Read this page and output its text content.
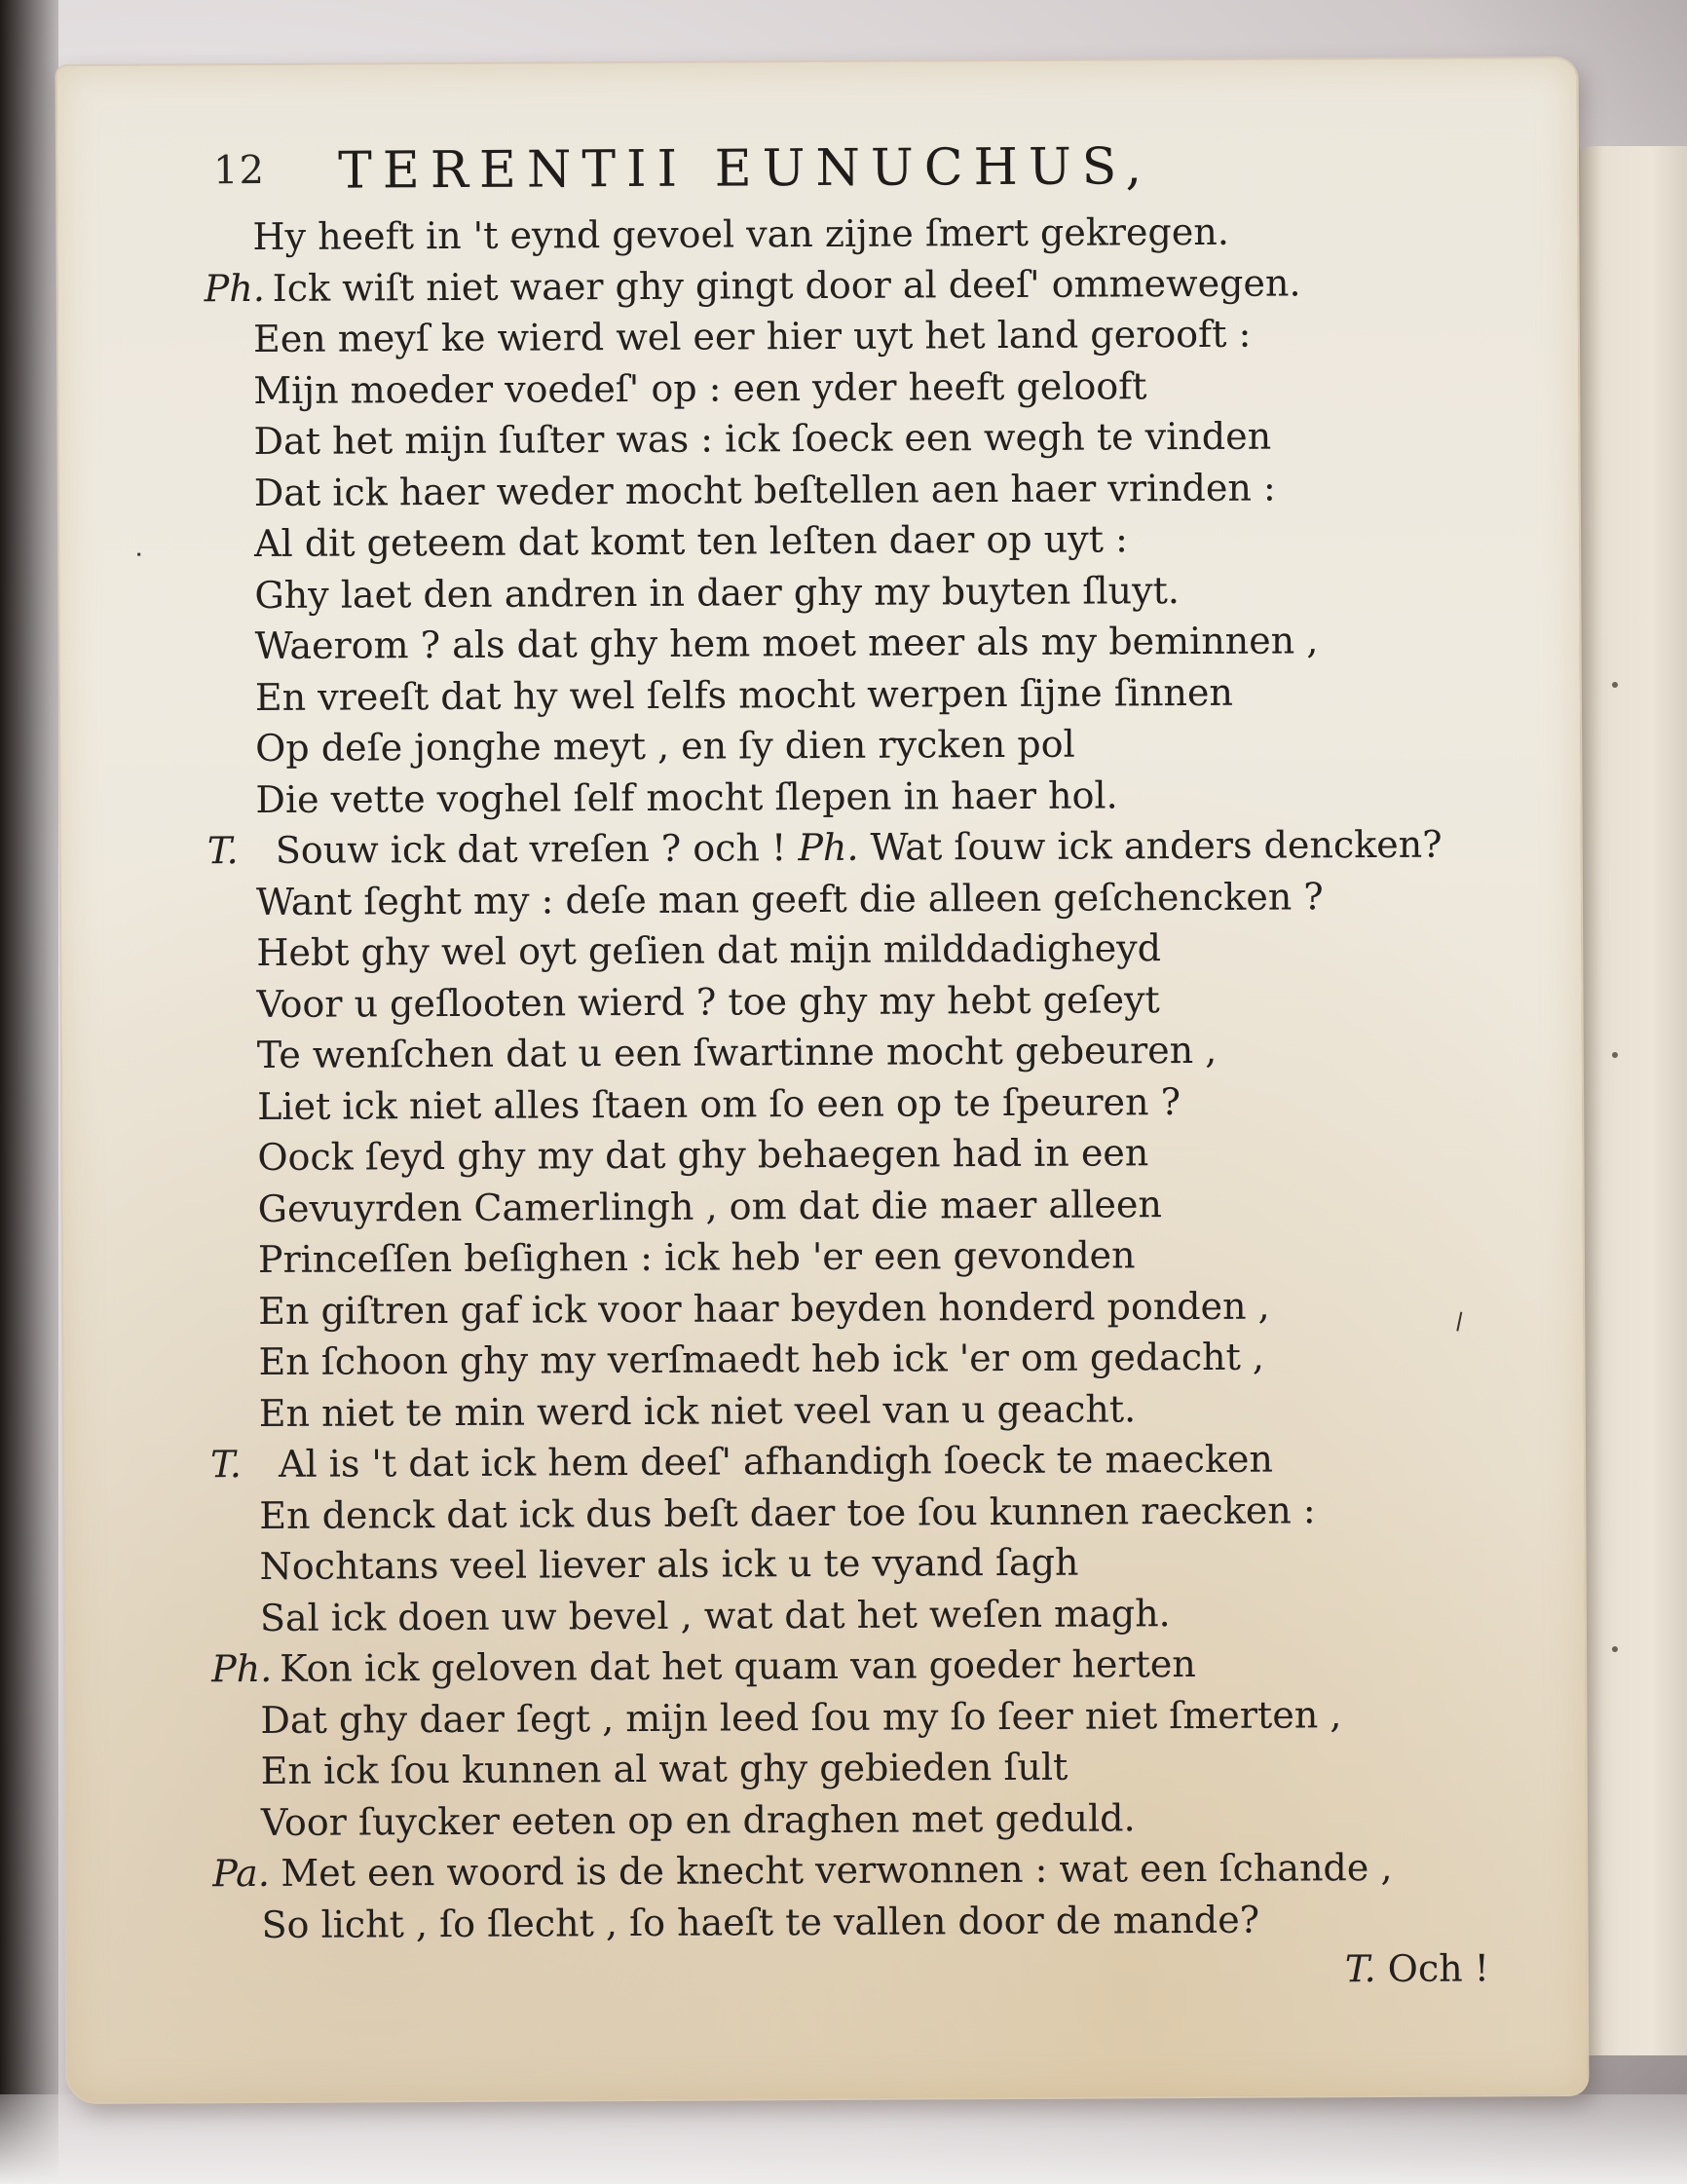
12 TERENTII EUNUCHUS,
Hy heeft in 't eynd gevoel van zijne ſmert gekregen.
Ph. Ick wiſt niet waer ghy gingt door al deeſ' ommewegen.
Een meyſ ke wierd wel eer hier uyt het land gerooft :
Mijn moeder voedeſ' op : een yder heeft gelooft
Dat het mijn ſuſter was : ick ſoeck een wegh te vinden
Dat ick haer weder mocht beſtellen aen haer vrinden :
Al dit geteem dat komt ten leſten daer op uyt :
Ghy laet den andren in daer ghy my buyten ſluyt.
Waerom ? als dat ghy hem moet meer als my beminnen ,
En vreeſt dat hy wel ſelfs mocht werpen ſijne ſinnen
Op deſe jonghe meyt , en ſy dien rycken pol
Die vette voghel ſelf mocht ſlepen in haer hol.
T. Souw ick dat vreſen ? och ! Ph. Wat ſouw ick anders dencken?
Want ſeght my : deſe man geeft die alleen geſchencken ?
Hebt ghy wel oyt geſien dat mijn milddadigheyd
Voor u geſlooten wierd ? toe ghy my hebt geſeyt
Te wenſchen dat u een ſwartinne mocht gebeuren ,
Liet ick niet alles ſtaen om ſo een op te ſpeuren ?
Oock ſeyd ghy my dat ghy behaegen had in een
Gevuyrden Camerlingh , om dat die maer alleen
Princeſſen beſighen : ick heb 'er een gevonden
En giſtren gaf ick voor haar beyden honderd ponden ,
En ſchoon ghy my verſmaedt heb ick 'er om gedacht ,
En niet te min werd ick niet veel van u geacht.
T. Al is 't dat ick hem deeſ' afhandigh ſoeck te maecken
En denck dat ick dus beſt daer toe ſou kunnen raecken :
Nochtans veel liever als ick u te vyand ſagh
Sal ick doen uw bevel , wat dat het weſen magh.
Ph. Kon ick geloven dat het quam van goeder herten
Dat ghy daer ſegt , mijn leed ſou my ſo ſeer niet ſmerten ,
En ick ſou kunnen al wat ghy gebieden ſult
Voor ſuycker eeten op en draghen met geduld.
Pa. Met een woord is de knecht verwonnen : wat een ſchande ,
So licht , ſo ſlecht , ſo haeſt te vallen door de mande?
T. Och !
